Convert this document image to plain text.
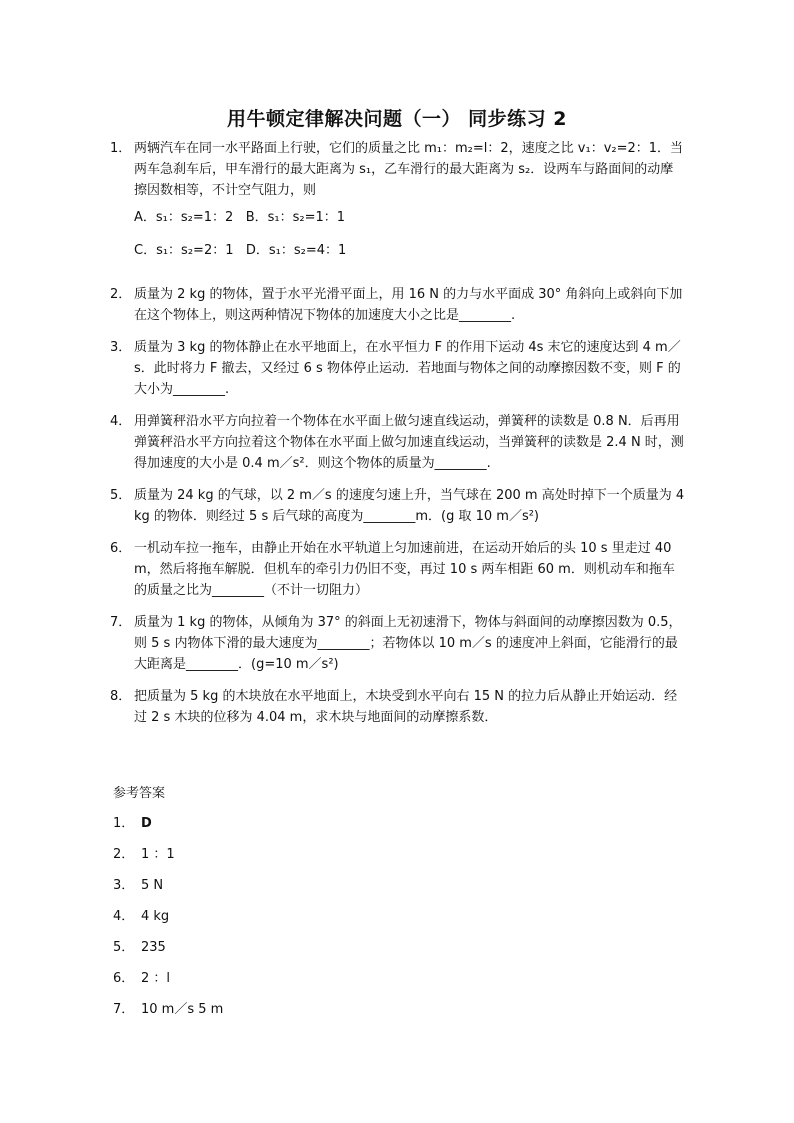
用牛顿定律解决问题（一） 同步练习 2
1． 两辆汽车在同一水平路面上行驶，它们的质量之比 m₁：m₂=l：2，速度之比 v₁：v₂=2：1．当两车急刹车后，甲车滑行的最大距离为 s₁，乙车滑行的最大距离为 s₂．设两车与路面间的动摩擦因数相等，不计空气阻力，则
A．s₁：s₂=1：2 B．s₁：s₂=1：1
C．s₁：s₂=2：1 D．s₁：s₂=4：1
2． 质量为 2 kg 的物体，置于水平光滑平面上，用 16 N 的力与水平面成 30° 角斜向上或斜向下加在这个物体上，则这两种情况下物体的加速度大小之比是________.
3． 质量为 3 kg 的物体静止在水平地面上，在水平恒力 F 的作用下运动 4s 末它的速度达到 4 m／s．此时将力 F 撤去，又经过 6 s 物体停止运动．若地面与物体之间的动摩擦因数不变，则 F 的大小为________.
4． 用弹簧秤沿水平方向拉着一个物体在水平面上做匀速直线运动，弹簧秤的读数是 0.8 N．后再用弹簧秤沿水平方向拉着这个物体在水平面上做匀加速直线运动，当弹簧秤的读数是 2.4 N 时，测得加速度的大小是 0.4 m／s²．则这个物体的质量为________.
5． 质量为 24 kg 的气球，以 2 m／s 的速度匀速上升，当气球在 200 m 高处时掉下一个质量为 4 kg 的物体．则经过 5 s 后气球的高度为________m．(g 取 10 m／s²)
6． 一机动车拉一拖车，由静止开始在水平轨道上匀加速前进，在运动开始后的头 10 s 里走过 40 m，然后将拖车解脱．但机车的牵引力仍旧不变，再过 10 s 两车相距 60 m．则机动车和拖车的质量之比为________（不计一切阻力）
7． 质量为 1 kg 的物体，从倾角为 37° 的斜面上无初速滑下，物体与斜面间的动摩擦因数为 0.5，则 5 s 内物体下滑的最大速度为________；若物体以 10 m／s 的速度冲上斜面，它能滑行的最大距离是________．(g=10 m／s²)
8． 把质量为 5 kg 的木块放在水平地面上，木块受到水平向右 15 N 的拉力后从静止开始运动．经过 2 s 木块的位移为 4.04 m，求木块与地面间的动摩擦系数．
参考答案
1． D
2． 1 ：1
3． 5 N
4． 4 kg
5． 235
6． 2 ：l
7． 10 m／s 5 m
